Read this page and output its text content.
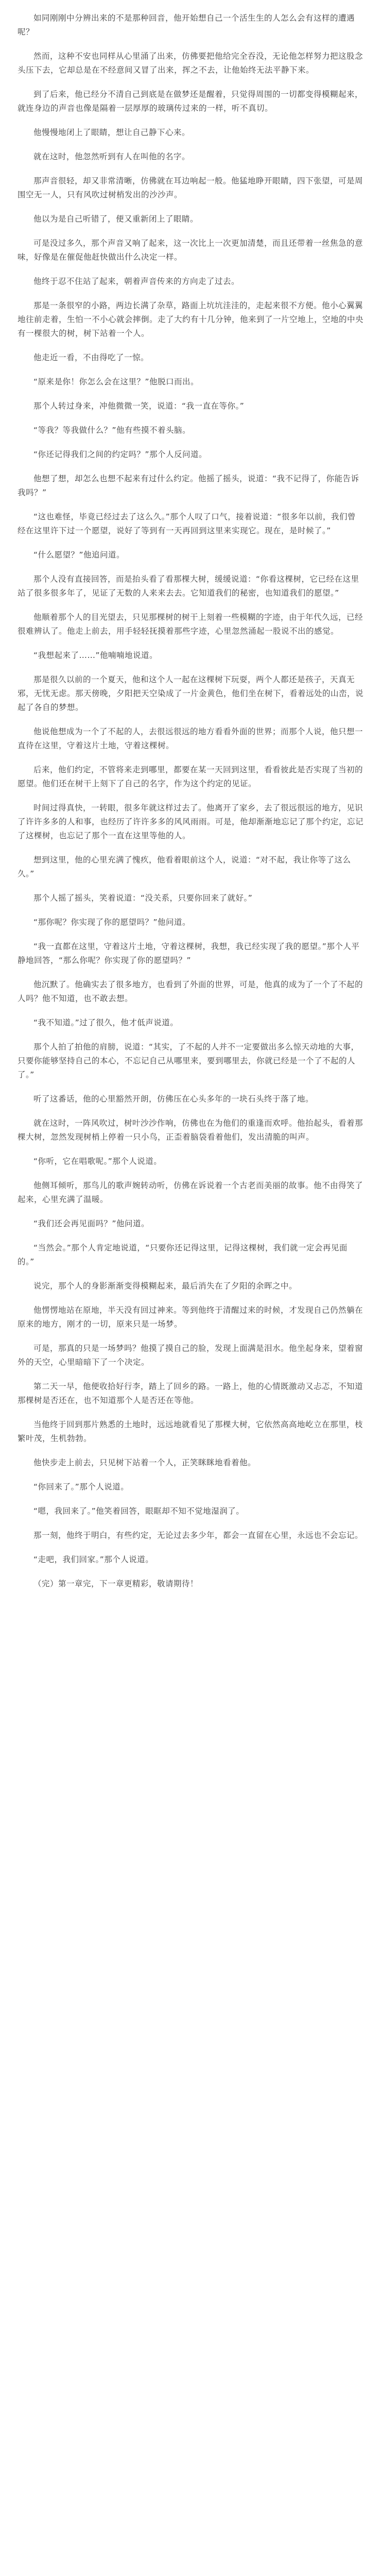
如同刚刚中分辨出来的不是那种回音，他开始想自己一个活生生的人怎么会有这样的遭遇呢？

然而，这种不安也同样从心里涌了出来，仿佛要把他给完全吞没，无论他怎样努力把这股念头压下去，它却总是在不经意间又冒了出来，挥之不去，让他始终无法平静下来。

到了后来，他已经分不清自己到底是在做梦还是醒着，只觉得周围的一切都变得模糊起来，就连身边的声音也像是隔着一层厚厚的玻璃传过来的一样，听不真切。

他慢慢地闭上了眼睛，想让自己静下心来。

就在这时，他忽然听到有人在叫他的名字。

那声音很轻，却又非常清晰，仿佛就在耳边响起一般。他猛地睁开眼睛，四下张望，可是周围空无一人，只有风吹过树梢发出的沙沙声。

他以为是自己听错了，便又重新闭上了眼睛。

可是没过多久，那个声音又响了起来，这一次比上一次更加清楚，而且还带着一丝焦急的意味，好像是在催促他赶快做出什么决定一样。

他终于忍不住站了起来，朝着声音传来的方向走了过去。

那是一条很窄的小路，两边长满了杂草，路面上坑坑洼洼的，走起来很不方便。他小心翼翼地往前走着，生怕一不小心就会摔倒。走了大约有十几分钟，他来到了一片空地上，空地的中央有一棵很大的树，树下站着一个人。

他走近一看，不由得吃了一惊。

“原来是你！你怎么会在这里？”他脱口而出。

那个人转过身来，冲他微微一笑，说道：“我一直在等你。”

“等我？等我做什么？”他有些摸不着头脑。

“你还记得我们之间的约定吗？”那个人反问道。

他想了想，却怎么也想不起来有过什么约定。他摇了摇头，说道：“我不记得了，你能告诉我吗？”

“这也难怪，毕竟已经过去了这么久。”那个人叹了口气，接着说道：“很多年以前，我们曾经在这里许下过一个愿望，说好了等到有一天再回到这里来实现它。现在，是时候了。”

“什么愿望？”他追问道。

那个人没有直接回答，而是抬头看了看那棵大树，缓缓说道：“你看这棵树，它已经在这里站了很多很多年了，见证了无数的人来来去去。它知道我们的秘密，也知道我们的愿望。”

他顺着那个人的目光望去，只见那棵树的树干上刻着一些模糊的字迹，由于年代久远，已经很难辨认了。他走上前去，用手轻轻抚摸着那些字迹，心里忽然涌起一股说不出的感觉。

“我想起来了……”他喃喃地说道。

那是很久以前的一个夏天，他和这个人一起在这棵树下玩耍，两个人都还是孩子，天真无邪，无忧无虑。那天傍晚，夕阳把天空染成了一片金黄色，他们坐在树下，看着远处的山峦，说起了各自的梦想。

他说他想成为一个了不起的人，去很远很远的地方看看外面的世界；而那个人说，他只想一直待在这里，守着这片土地，守着这棵树。

后来，他们约定，不管将来走到哪里，都要在某一天回到这里，看看彼此是否实现了当初的愿望。他们还在树干上刻下了自己的名字，作为这个约定的见证。

时间过得真快，一转眼，很多年就这样过去了。他离开了家乡，去了很远很远的地方，见识了许许多多的人和事，也经历了许许多多的风风雨雨。可是，他却渐渐地忘记了那个约定，忘记了这棵树，也忘记了那个一直在这里等他的人。

想到这里，他的心里充满了愧疚，他看着眼前这个人，说道：“对不起，我让你等了这么久。”

那个人摇了摇头，笑着说道：“没关系，只要你回来了就好。”

“那你呢？你实现了你的愿望吗？”他问道。

“我一直都在这里，守着这片土地，守着这棵树，我想，我已经实现了我的愿望。”那个人平静地回答，“那么你呢？你实现了你的愿望吗？”

他沉默了。他确实去了很多地方，也看到了外面的世界，可是，他真的成为了一个了不起的人吗？他不知道，也不敢去想。

“我不知道。”过了很久，他才低声说道。

那个人拍了拍他的肩膀，说道：“其实，了不起的人并不一定要做出多么惊天动地的大事，只要你能够坚持自己的本心，不忘记自己从哪里来，要到哪里去，你就已经是一个了不起的人了。”

听了这番话，他的心里豁然开朗，仿佛压在心头多年的一块石头终于落了地。

就在这时，一阵风吹过，树叶沙沙作响，仿佛也在为他们的重逢而欢呼。他抬起头，看着那棵大树，忽然发现树梢上停着一只小鸟，正歪着脑袋看着他们，发出清脆的叫声。

“你听，它在唱歌呢。”那个人说道。

他侧耳倾听，那鸟儿的歌声婉转动听，仿佛在诉说着一个古老而美丽的故事。他不由得笑了起来，心里充满了温暖。

“我们还会再见面吗？”他问道。

“当然会。”那个人肯定地说道，“只要你还记得这里，记得这棵树，我们就一定会再见面的。”

说完，那个人的身影渐渐变得模糊起来，最后消失在了夕阳的余晖之中。

他愣愣地站在原地，半天没有回过神来。等到他终于清醒过来的时候，才发现自己仍然躺在原来的地方，刚才的一切，原来只是一场梦。

可是，那真的只是一场梦吗？他摸了摸自己的脸，发现上面满是泪水。他坐起身来，望着窗外的天空，心里暗暗下了一个决定。

第二天一早，他便收拾好行李，踏上了回乡的路。一路上，他的心情既激动又忐忑，不知道那棵树是否还在，也不知道那个人是否还在等他。

当他终于回到那片熟悉的土地时，远远地就看见了那棵大树，它依然高高地屹立在那里，枝繁叶茂，生机勃勃。

他快步走上前去，只见树下站着一个人，正笑眯眯地看着他。

“你回来了。”那个人说道。

“嗯，我回来了。”他笑着回答，眼眶却不知不觉地湿润了。

那一刻，他终于明白，有些约定，无论过去多少年，都会一直留在心里，永远也不会忘记。

“走吧，我们回家。”那个人说道。

（完）第一章完，下一章更精彩，敬请期待！
